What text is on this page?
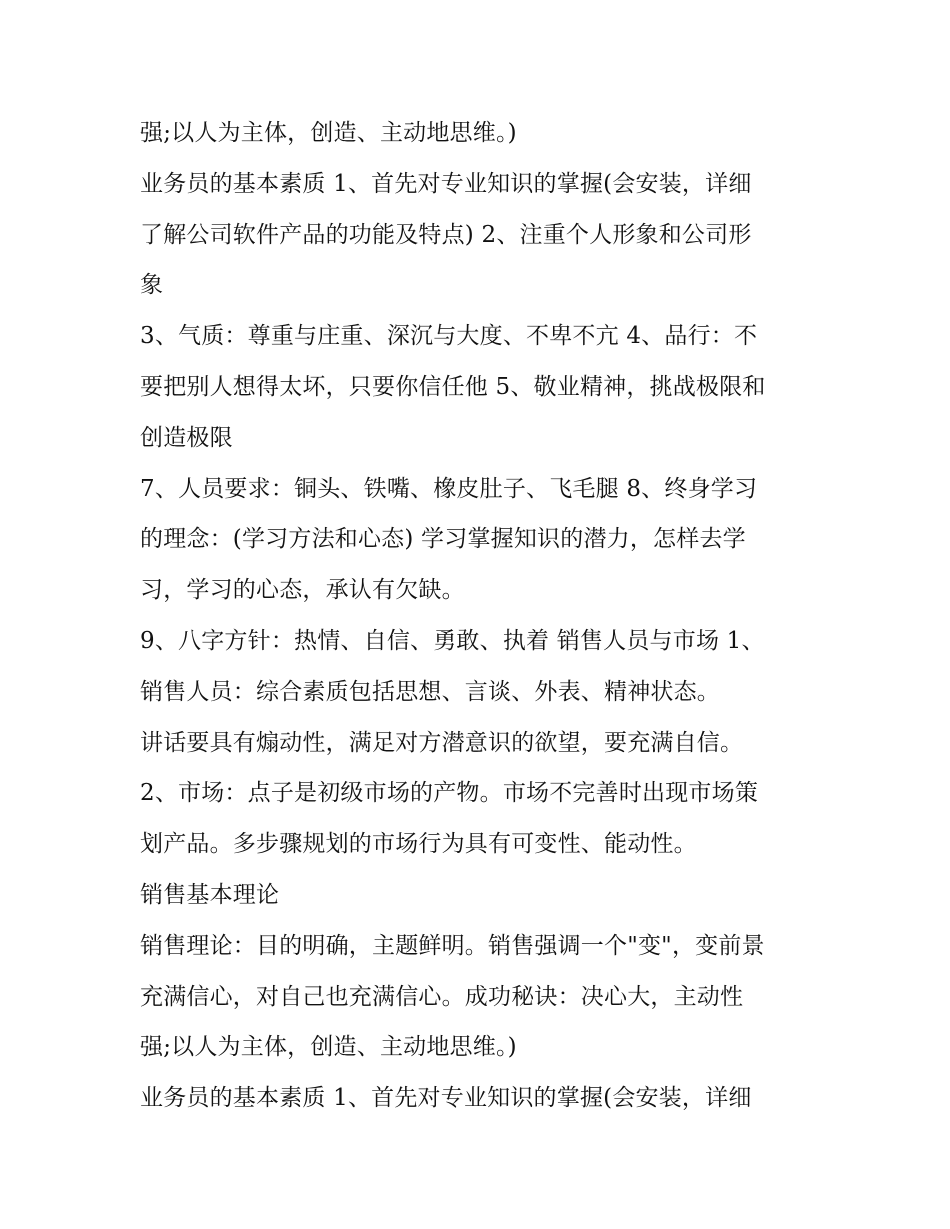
强;以人为主体，创造、主动地思维。)
业务员的基本素质 1、首先对专业知识的掌握(会安装，详细
了解公司软件产品的功能及特点) 2、注重个人形象和公司形
象
3、气质：尊重与庄重、深沉与大度、不卑不亢 4、品行：不
要把别人想得太坏，只要你信任他 5、敬业精神，挑战极限和
创造极限
7、人员要求：铜头、铁嘴、橡皮肚子、飞毛腿 8、终身学习
的理念：(学习方法和心态) 学习掌握知识的潜力，怎样去学
习，学习的心态，承认有欠缺。
9、八字方针：热情、自信、勇敢、执着 销售人员与市场 1、
销售人员：综合素质包括思想、言谈、外表、精神状态。
讲话要具有煽动性，满足对方潜意识的欲望，要充满自信。
2、市场：点子是初级市场的产物。市场不完善时出现市场策
划产品。多步骤规划的市场行为具有可变性、能动性。
销售基本理论
销售理论：目的明确，主题鲜明。销售强调一个"变"，变前景
充满信心，对自己也充满信心。成功秘诀：决心大，主动性
强;以人为主体，创造、主动地思维。)
业务员的基本素质 1、首先对专业知识的掌握(会安装，详细
